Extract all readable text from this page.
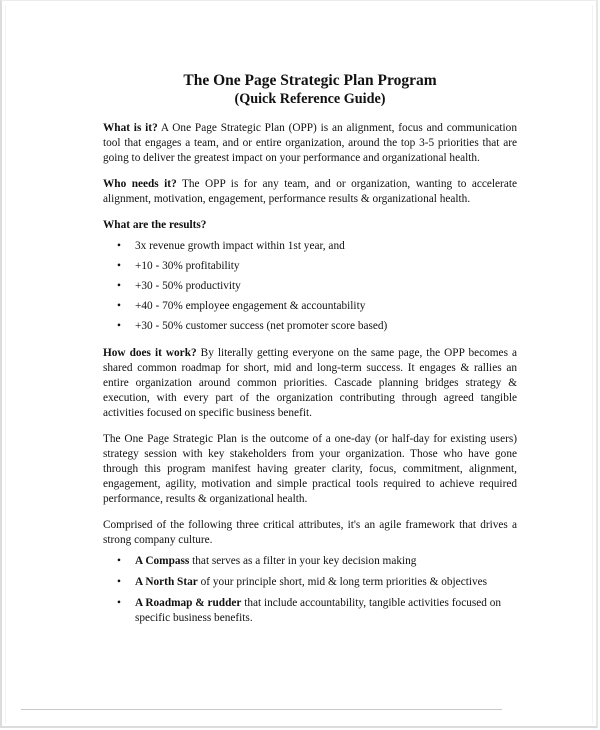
The One Page Strategic Plan Program
(Quick Reference Guide)

What is it? A One Page Strategic Plan (OPP) is an alignment, focus and communication tool that engages a team, and or entire organization, around the top 3-5 priorities that are going to deliver the greatest impact on your performance and organizational health.

Who needs it? The OPP is for any team, and or organization, wanting to accelerate alignment, motivation, engagement, performance results & organizational health.

What are the results?
• 3x revenue growth impact within 1st year, and
• +10 - 30% profitability
• +30 - 50% productivity
• +40 - 70% employee engagement & accountability
• +30 - 50% customer success (net promoter score based)

How does it work? By literally getting everyone on the same page, the OPP becomes a shared common roadmap for short, mid and long-term success. It engages & rallies an entire organization around common priorities. Cascade planning bridges strategy & execution, with every part of the organization contributing through agreed tangible activities focused on specific business benefit.

The One Page Strategic Plan is the outcome of a one-day (or half-day for existing users) strategy session with key stakeholders from your organization. Those who have gone through this program manifest having greater clarity, focus, commitment, alignment, engagement, agility, motivation and simple practical tools required to achieve required performance, results & organizational health.

Comprised of the following three critical attributes, it's an agile framework that drives a strong company culture.

• A Compass that serves as a filter in your key decision making
• A North Star of your principle short, mid & long term priorities & objectives
• A Roadmap & rudder that include accountability, tangible activities focused on specific business benefits.
